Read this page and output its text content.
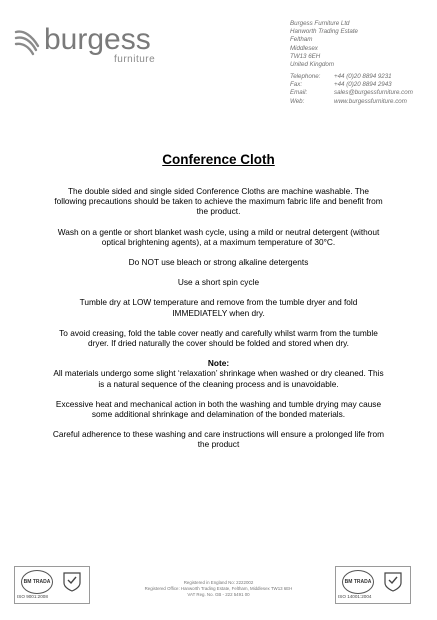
burgess
furniture
Burgess Furniture Ltd
Hanworth Trading Estate
Feltham
Middlesex
TW13 6EH
United Kingdom
Telephone:	+44 (0)20 8894 9231
Fax:	+44 (0)20 8894 2943
Email:	sales@burgessfurniture.com
Web:	www.burgessfurniture.com
Conference Cloth

The double sided and single sided Conference Cloths are machine washable. The following precautions should be taken to achieve the maximum fabric life and benefit from the product.

Wash on a gentle or short blanket wash cycle, using a mild or neutral detergent (without optical brightening agents), at a maximum temperature of 30°C.

Do NOT use bleach or strong alkaline detergents

Use a short spin cycle

Tumble dry at LOW temperature and remove from the tumble dryer and fold IMMEDIATELY when dry.

To avoid creasing, fold the table cover neatly and carefully whilst warm from the tumble dryer. If dried naturally the cover should be folded and stored when dry.

Note:

All materials undergo some slight ‘relaxation’ shrinkage when washed or dry cleaned. This is a natural sequence of the cleaning process and is unavoidable.

Excessive heat and mechanical action in both the washing and tumble drying may cause some additional shrinkage and delamination of the bonded materials.

Careful adherence to these washing and care instructions will ensure a prolonged life from the product

BM TRADA
ISO 9001:2008
Registered in England No: 2222002
Registered Office: Hanworth Trading Estate, Feltham, Middlesex TW13 6EH
VAT Reg. No. GB - 222 5491 00
BM TRADA
ISO 14001:2004
